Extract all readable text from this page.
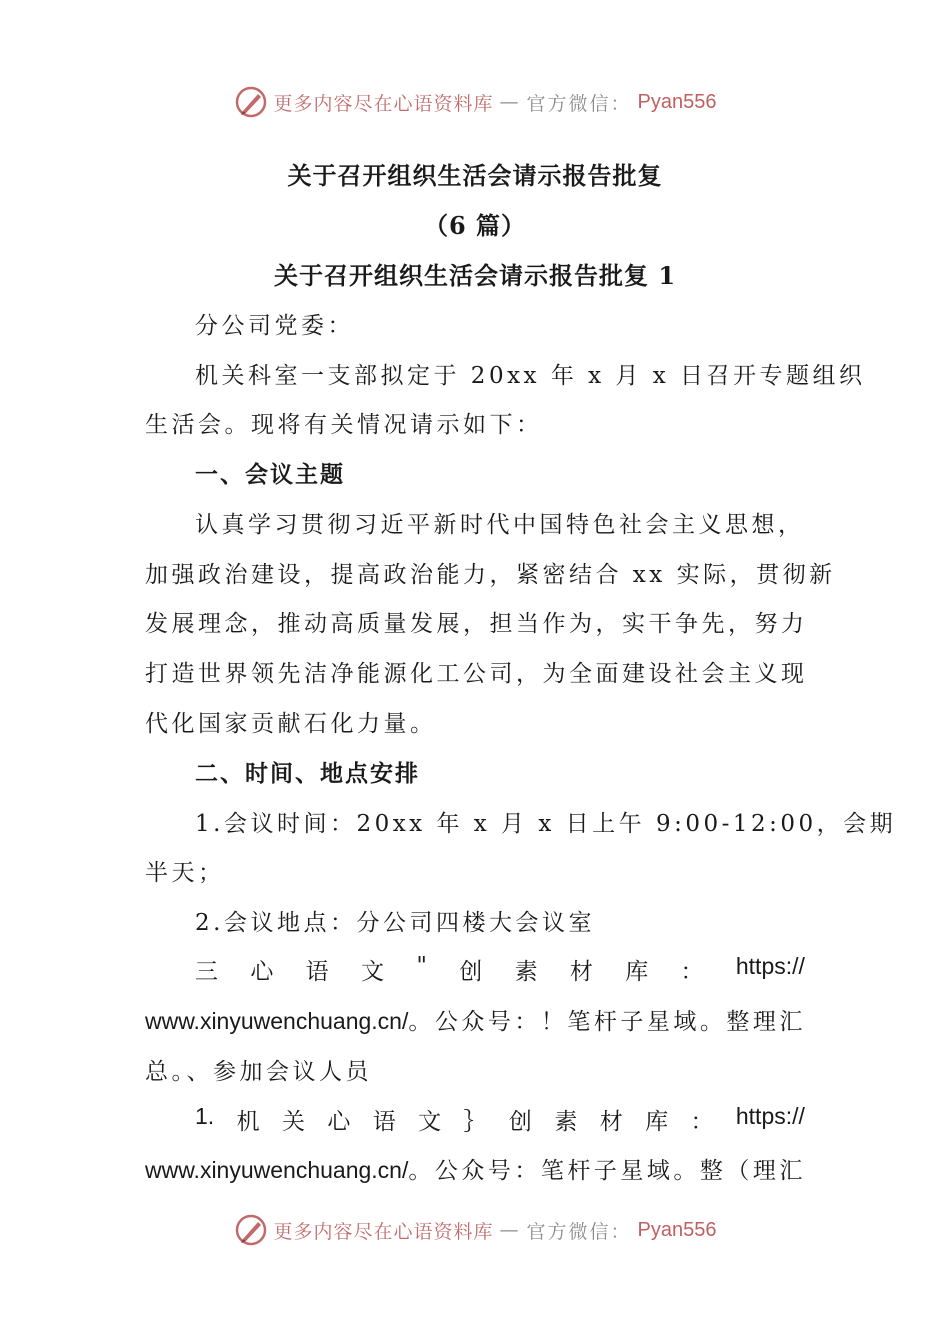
更多内容尽在心语资料库 — 官方微信： Pyan556
关于召开组织生活会请示报告批复
（6 篇）
关于召开组织生活会请示报告批复 1
分公司党委：
机关科室一支部拟定于 20xx 年 x 月 x 日召开专题组织
生活会。现将有关情况请示如下：
一、会议主题
认真学习贯彻习近平新时代中国特色社会主义思想，
加强政治建设，提高政治能力，紧密结合 xx 实际，贯彻新
发展理念，推动高质量发展，担当作为，实干争先，努力
打造世界领先洁净能源化工公司，为全面建设社会主义现
代化国家贡献石化力量。
二、时间、地点安排
1.会议时间：20xx 年 x 月 x 日上午 9:00-12:00，会期
半天；
2.会议地点：分公司四楼大会议室
三 心 语 文 " 创 素 材 库 ： https://
www.xinyuwenchuang.cn/。公众号：！笔杆子星域。整理汇
总。、参加会议人员
1. 机 关 心 语 文 ｝ 创 素 材 库 ： https://
www.xinyuwenchuang.cn/。公众号：笔杆子星域。整（理汇
更多内容尽在心语资料库 — 官方微信： Pyan556
